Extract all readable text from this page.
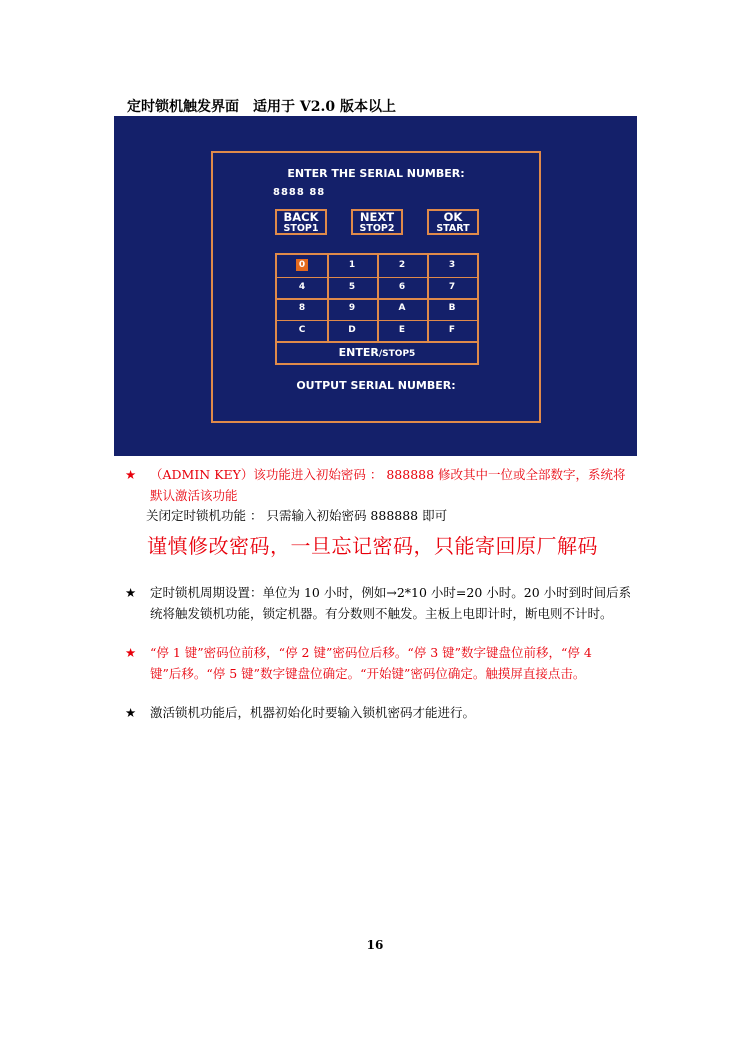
定时锁机触发界面　适用于 V2.0 版本以上
ENTER THE SERIAL NUMBER:
8888 88
BACK
STOP1
NEXT
STOP2
OK
START
0	1	2	3
4	5	6	7
8	9	A	B
C	D	E	F
ENTER/STOP5
OUTPUT SERIAL NUMBER:
★	（ADMIN KEY）该功能进入初始密码 ： 888888 修改其中一位或全部数字，系统将
默认激活该功能
关闭定时锁机功能 ： 只需输入初始密码 888888 即可
谨慎修改密码，一旦忘记密码，只能寄回原厂解码
★	定时锁机周期设置：单位为 10 小时，例如→2*10 小时=20 小时。20 小时到时间后系
统将触发锁机功能，锁定机器。有分数则不触发。主板上电即计时，断电则不计时。
★	“停 1 键”密码位前移，“停 2 键”密码位后移。“停 3 键”数字键盘位前移，“停 4
键”后移。“停 5 键”数字键盘位确定。“开始键”密码位确定。触摸屏直接点击。
★	激活锁机功能后，机器初始化时要输入锁机密码才能进行。
16
